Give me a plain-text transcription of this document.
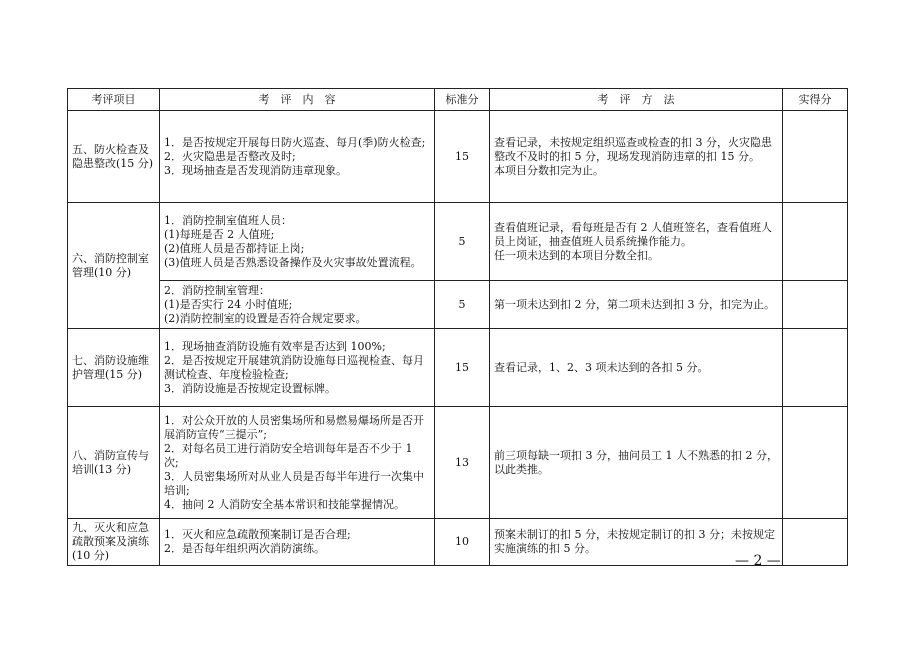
考评项目	考　评　内　容	标准分	考　评　方　法	实得分
五、防火检查及隐患整改(15 分)	1．是否按规定开展每日防火巡查、每月(季)防火检查;
2．火灾隐患是否整改及时;
3．现场抽查是否发现消防违章现象。	15	查看记录，未按规定组织巡查或检查的扣 3 分，火灾隐患整改不及时的扣 5 分，现场发现消防违章的扣 15 分。
本项目分数扣完为止。	

六、消防控制室管理(10 分)	1．消防控制室值班人员：
(1)每班是否 2 人值班;
(2)值班人员是否都持证上岗;
(3)值班人员是否熟悉设备操作及火灾事故处置流程。	5	查看值班记录，看每班是否有 2 人值班签名，查看值班人员上岗证，抽查值班人员系统操作能力。
任一项未达到的本项目分数全扣。	

	2．消防控制室管理：
(1)是否实行 24 小时值班;
(2)消防控制室的设置是否符合规定要求。	5	第一项未达到扣 2 分，第二项未达到扣 3 分，扣完为止。	

七、消防设施维护管理(15 分)	1．现场抽查消防设施有效率是否达到 100%;
2．是否按规定开展建筑消防设施每日巡视检查、每月测试检查、年度检验检查;
3．消防设施是否按规定设置标牌。	15	查看记录，1、2、3 项未达到的各扣 5 分。	

八、消防宣传与培训(13 分)	1．对公众开放的人员密集场所和易燃易爆场所是否开展消防宣传“三提示”;
2．对每名员工进行消防安全培训每年是否不少于 1 次;
3．人员密集场所对从业人员是否每半年进行一次集中培训;
4．抽问 2 人消防安全基本常识和技能掌握情况。	13	前三项每缺一项扣 3 分，抽问员工 1 人不熟悉的扣 2 分，以此类推。	

九、灭火和应急疏散预案及演练(10 分)	1．灭火和应急疏散预案制订是否合理;
2．是否每年组织两次消防演练。	10	预案未制订的扣 5 分，未按规定制订的扣 3 分；未按规定实施演练的扣 5 分。	

— 2 —
